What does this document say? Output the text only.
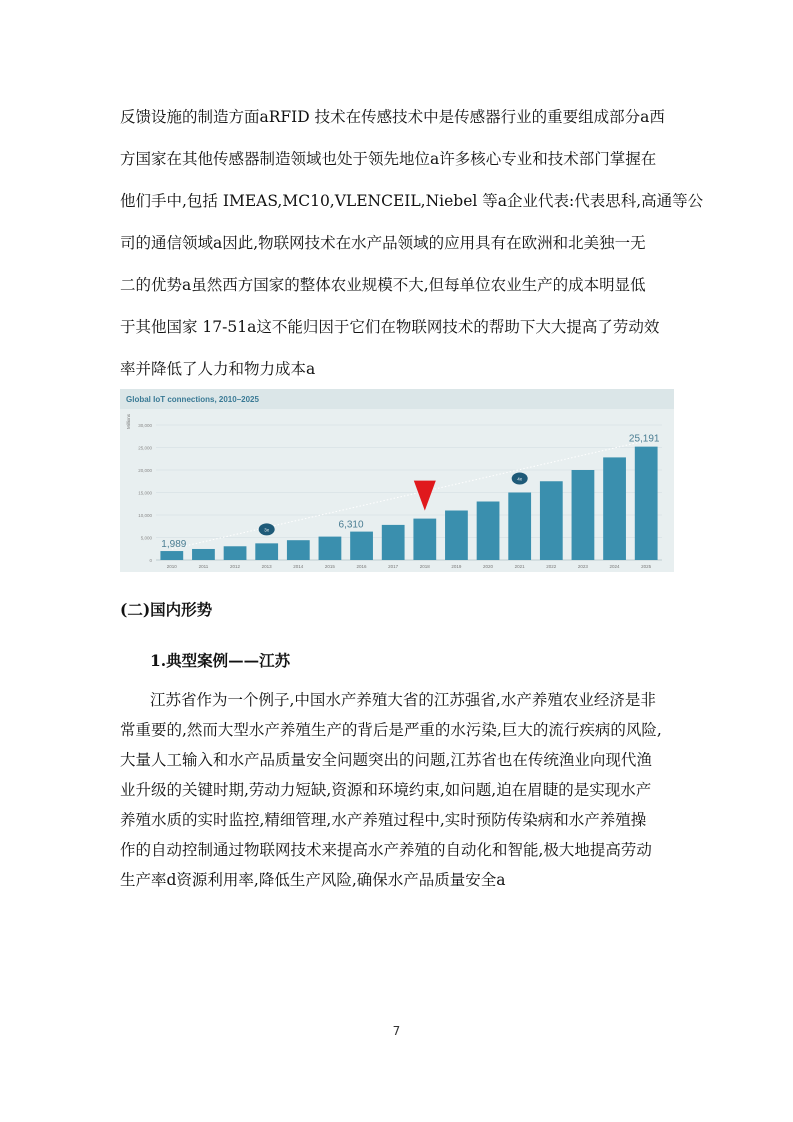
反馈设施的制造方面aRFID 技术在传感技术中是传感器行业的重要组成部分a西
方国家在其他传感器制造领域也处于领先地位a许多核心专业和技术部门掌握在
他们手中,包括 IMEAS,MC10,VLENCEIL,Niebel 等a企业代表:代表思科,高通等公
司的通信领域a因此,物联网技术在水产品领域的应用具有在欧洲和北美独一无
二的优势a虽然西方国家的整体农业规模不大,但每单位农业生产的成本明显低
于其他国家 17-51a这不能归因于它们在物联网技术的帮助下大大提高了劳动效
率并降低了人力和物力成本a
Global IoT connections, 2010–2025
Millions
0
5,000
10,000
15,000
20,000
25,000
30,000
2010	2011	2012	2013	2014	2015	2016	2017	2018	2019	2020	2021	2022	2023	2024	2025
1,989
6,310
25,191
3x
4x
(二)国内形势
1.典型案例——江苏
江苏省作为一个例子,中国水产养殖大省的江苏强省,水产养殖农业经济是非
常重要的,然而大型水产养殖生产的背后是严重的水污染,巨大的流行疾病的风险,
大量人工输入和水产品质量安全问题突出的问题,江苏省也在传统渔业向现代渔
业升级的关键时期,劳动力短缺,资源和环境约束,如问题,迫在眉睫的是实现水产
养殖水质的实时监控,精细管理,水产养殖过程中,实时预防传染病和水产养殖操
作的自动控制通过物联网技术来提高水产养殖的自动化和智能,极大地提高劳动
生产率d资源利用率,降低生产风险,确保水产品质量安全a
7
